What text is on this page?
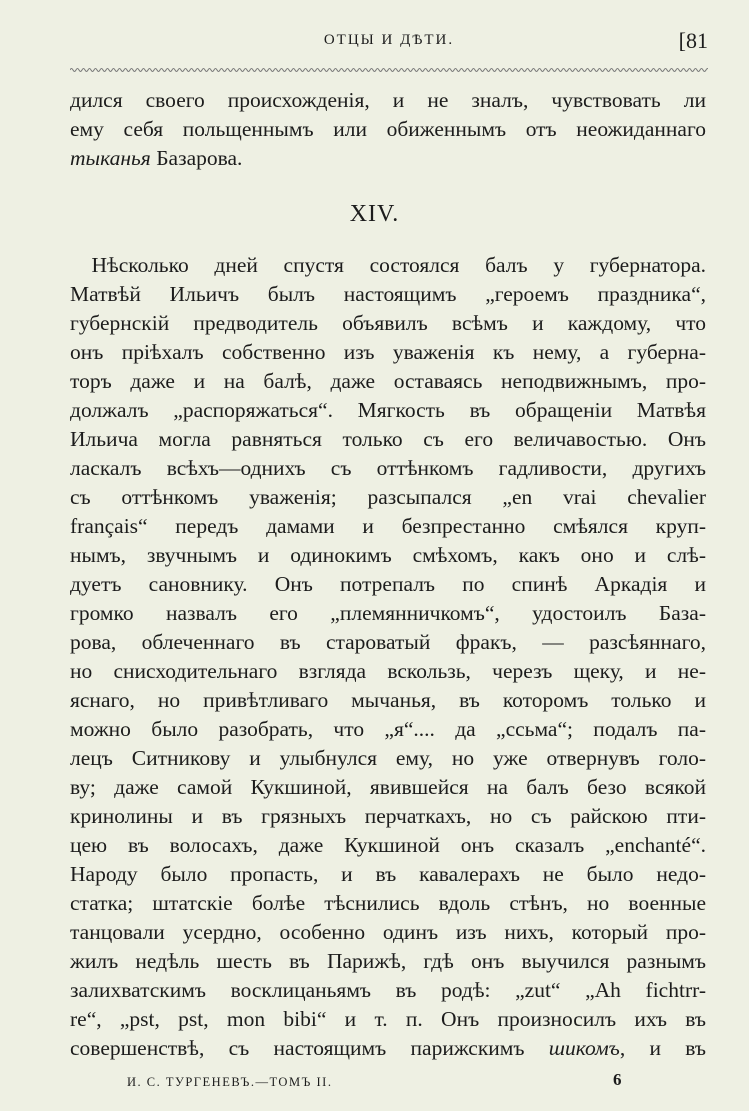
ОТЦЫ И ДѢТИ.	[81
XIV.
дился своего происхожденія, и не зналъ, чувствовать ли
ему себя польщеннымъ или обиженнымъ отъ неожиданнаго
тыканья Базарова.
 Нѣсколько дней спустя состоялся балъ у губернатора.
Матвѣй Ильичъ былъ настоящимъ „героемъ праздника“,
губернскій предводитель объявилъ всѣмъ и каждому, что
онъ пріѣхалъ собственно изъ уваженія къ нему, а губерна-
торъ даже и на балѣ, даже оставаясь неподвижнымъ, про-
должалъ „распоряжаться“. Мягкость въ обращеніи Матвѣя
Ильича могла равняться только съ его величавостью. Онъ
ласкалъ всѣхъ—однихъ съ оттѣнкомъ гадливости, другихъ
съ оттѣнкомъ уваженія; разсыпался „en vrai chevalier
français“ передъ дамами и безпрестанно смѣялся круп-
нымъ, звучнымъ и одинокимъ смѣхомъ, какъ оно и слѣ-
дуетъ сановнику. Онъ потрепалъ по спинѣ Аркадія и
громко назвалъ его „племянничкомъ“, удостоилъ База-
рова, облеченнаго въ староватый фракъ, — разсѣяннаго,
но снисходительнаго взгляда вскользь, черезъ щеку, и не-
яснаго, но привѣтливаго мычанья, въ которомъ только и
можно было разобрать, что „я“.... да „ссьма“; подалъ па-
лецъ Ситникову и улыбнулся ему, но уже отвернувъ голо-
ву; даже самой Кукшиной, явившейся на балъ безо всякой
кринолины и въ грязныхъ перчаткахъ, но съ райскою пти-
цею въ волосахъ, даже Кукшиной онъ сказалъ „enchanté“.
Народу было пропасть, и въ кавалерахъ не было недо-
статка; штатскіе болѣе тѣснились вдоль стѣнъ, но военные
танцовали усердно, особенно одинъ изъ нихъ, который про-
жилъ недѣль шесть въ Парижѣ, гдѣ онъ выучился разнымъ
залихватскимъ восклицаньямъ въ родѣ: „zut“ „Ah fichtrr-
re“, „pst, pst, mon bibi“ и т. п. Онъ произносилъ ихъ въ
совершенствѣ, съ настоящимъ парижскимъ шикомъ, и въ
И. С. ТУРГЕНЕВЪ.—ТОМЪ II.	6
